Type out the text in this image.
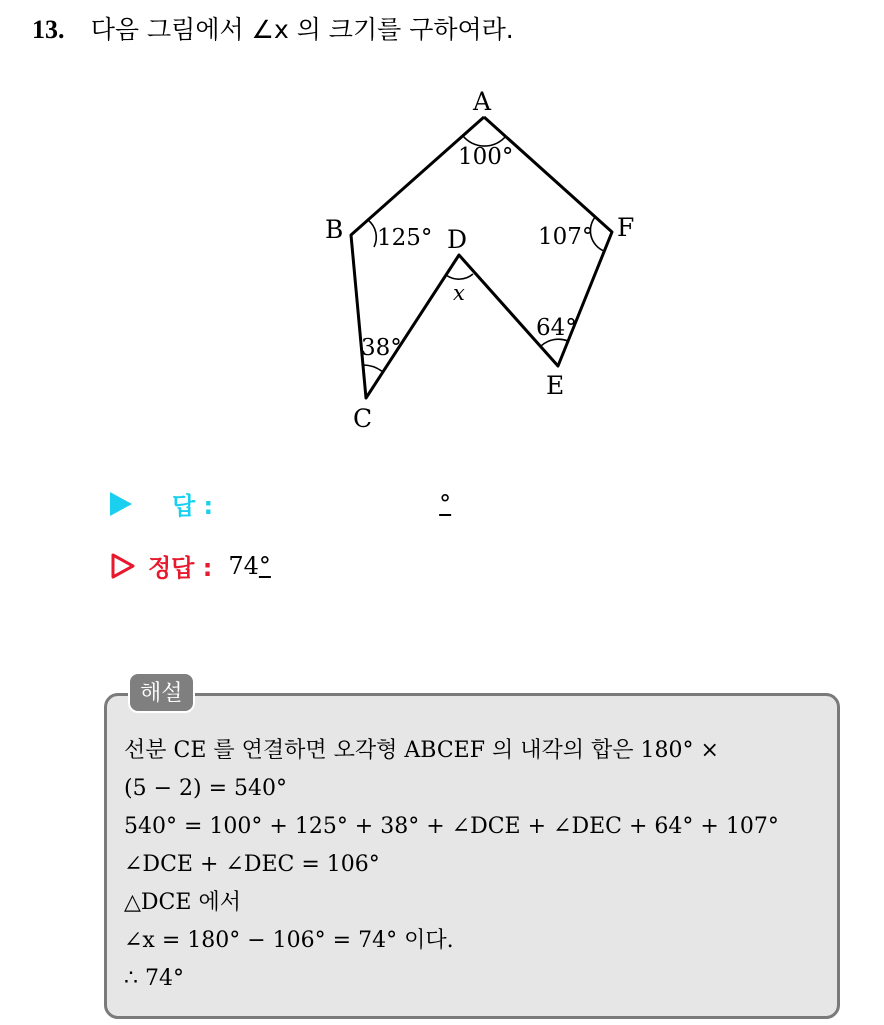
13. 다음 그림에서 ∠x 의 크기를 구하여라.
A
B
C
D
E
F
100°
125°
38°
x
64°
107°
답 :	°
정답 : 74 °
해설
선분 CE 를 연결하면 오각형 ABCEF 의 내각의 합은 180° ×
(5 − 2) = 540°
540° = 100° + 125° + 38° + ∠DCE + ∠DEC + 64° + 107°
∠DCE + ∠DEC = 106°
△DCE 에서
∠x = 180° − 106° = 74° 이다.
∴ 74°
